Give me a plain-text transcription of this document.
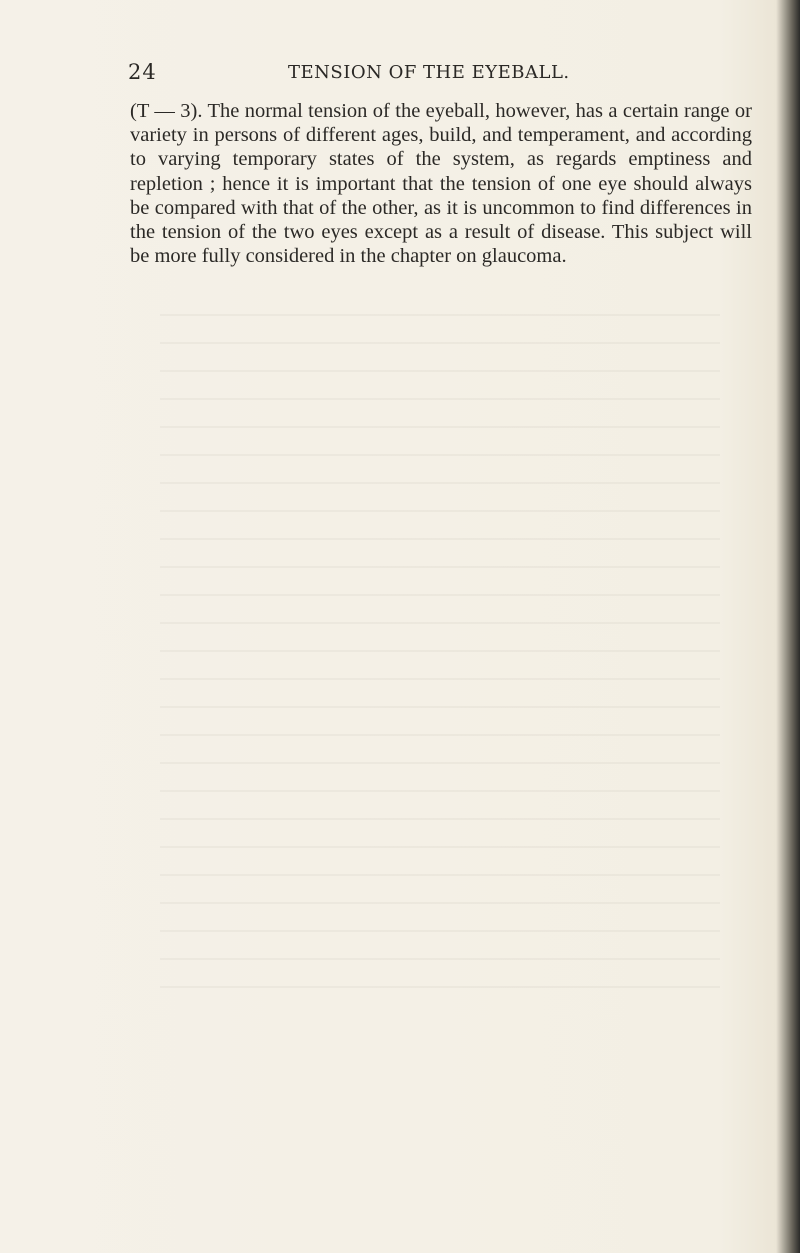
24	TENSION OF THE EYEBALL.

(T — 3). The normal tension of the eyeball, however, has a certain range or variety in persons of different ages, build, and temperament, and according to varying temporary states of the system, as regards emptiness and repletion ; hence it is important that the tension of one eye should always be compared with that of the other, as it is uncommon to find differences in the tension of the two eyes except as a result of disease. This subject will be more fully considered in the chapter on glaucoma.
